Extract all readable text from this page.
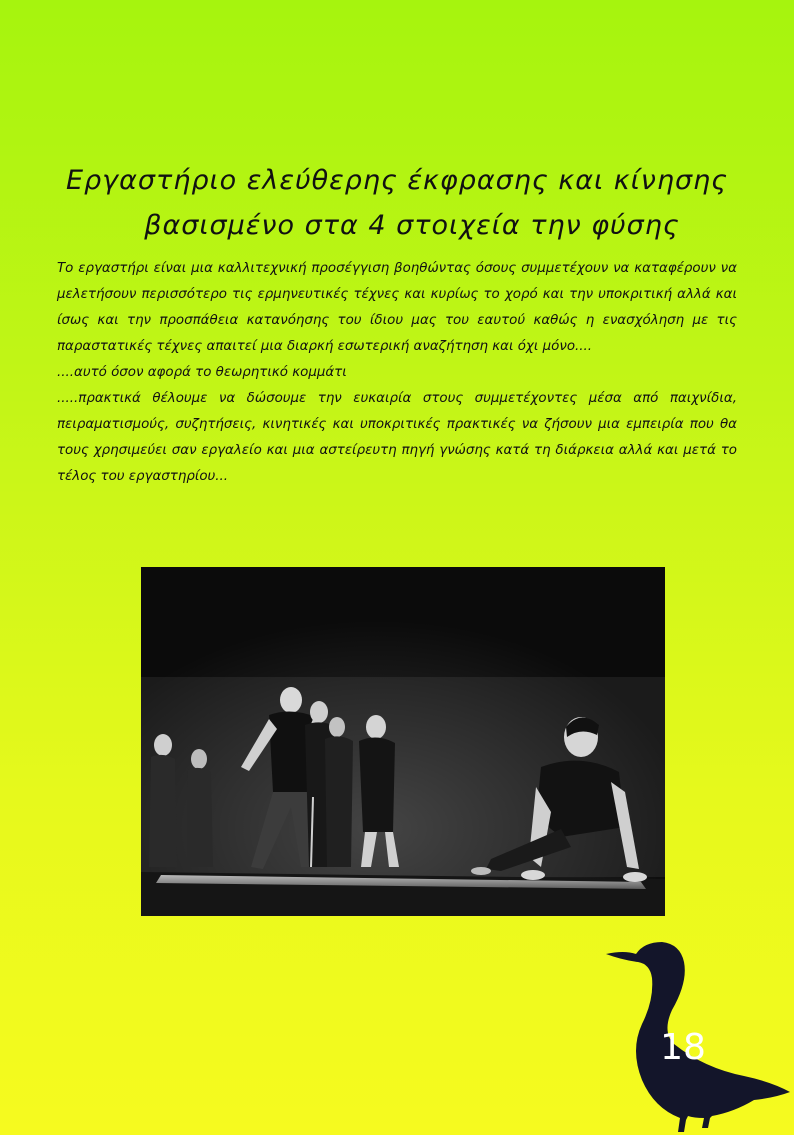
Εργαστήριο ελεύθερης έκφρασης και κίνησης
βασισμένο στα 4 στοιχεία την φύσης

Το εργαστήρι είναι μια καλλιτεχνική προσέγγιση βοηθώντας όσους συμμετέχουν να καταφέρουν να μελετήσουν περισσότερο τις ερμηνευτικές τέχνες και κυρίως το χορό και την υποκριτική αλλά και ίσως και την προσπάθεια κατανόησης του ίδιου μας του εαυτού καθώς η ενασχόληση με τις παραστατικές τέχνες απαιτεί μια διαρκή εσωτερική αναζήτηση και όχι μόνο....

....αυτό όσον αφορά το θεωρητικό κομμάτι

.....πρακτικά θέλουμε να δώσουμε την ευκαιρία στους συμμετέχοντες μέσα από παιχνίδια, πειραματισμούς, συζητήσεις, κινητικές και υποκριτικές πρακτικές να ζήσουν μια εμπειρία που θα τους χρησιμεύει σαν εργαλείο και μια αστείρευτη πηγή γνώσης κατά τη διάρκεια αλλά και μετά το τέλος του εργαστηρίου...

18
